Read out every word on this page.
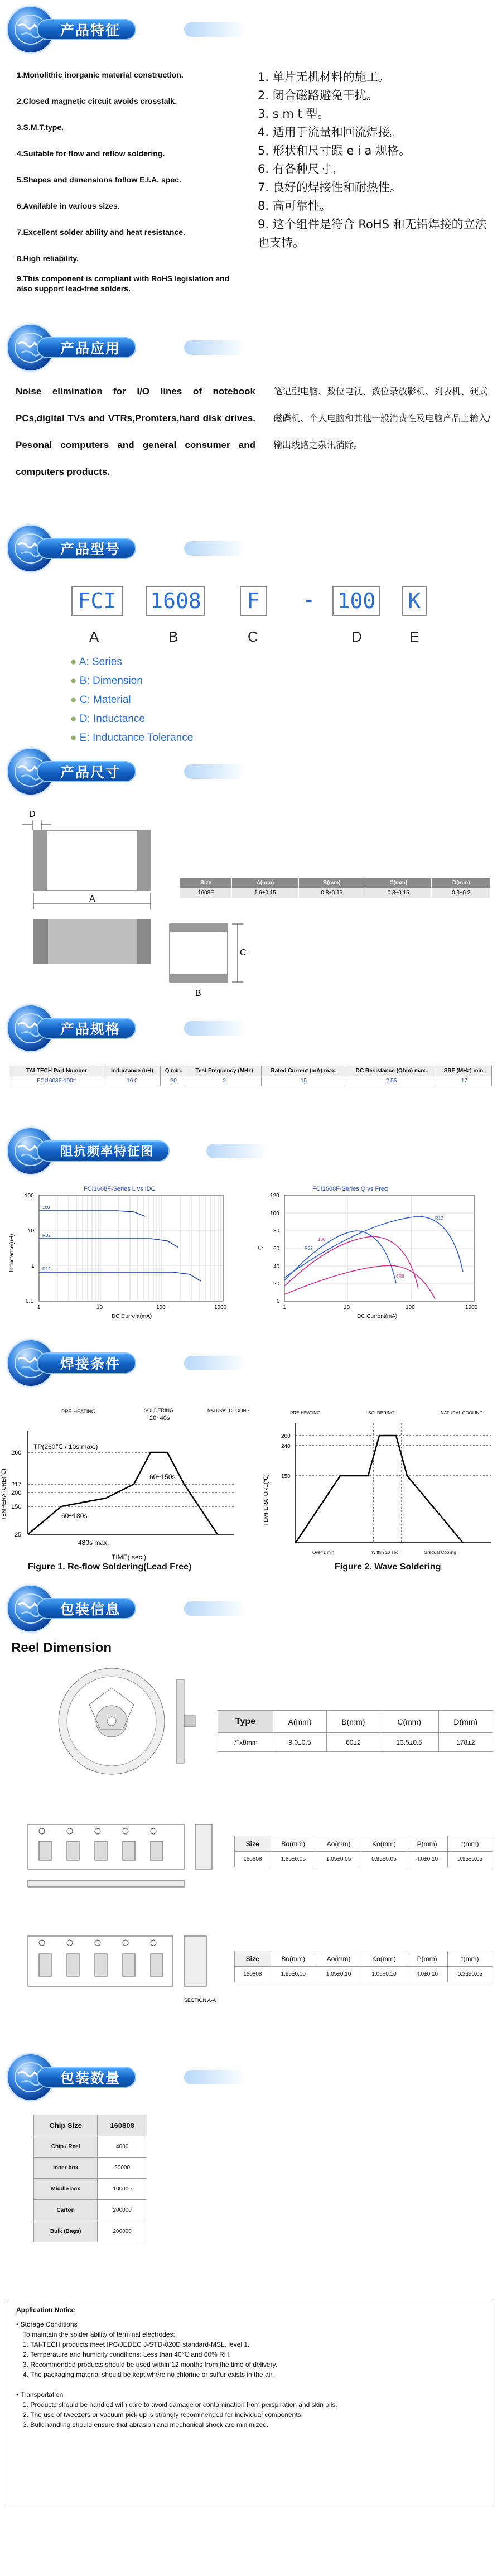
产品特征
1.Monolithic inorganic material construction.
2.Closed magnetic circuit avoids crosstalk.
3.S.M.T.type.
4.Suitable for flow and reflow soldering.
5.Shapes and dimensions follow E.I.A. spec.
6.Available in various sizes.
7.Excellent solder ability and heat resistance.
8.High reliability.
9.This component is compliant with RoHS legislation and also support lead-free solders.
1. 单片无机材料的施工。
2. 闭合磁路避免干扰。
3. s m t 型。
4. 适用于流量和回流焊接。
5. 形状和尺寸跟 e i a 规格。
6. 有各种尺寸。
7. 良好的焊接性和耐热性。
8. 高可靠性。
9. 这个组件是符合 RoHS 和无铅焊接的立法也支持。
产品应用
Noise elimination for I/O lines of notebook PCs,digital TVs and VTRs,Promters,hard disk drives. Pesonal computers and general consumer and computers products.
笔记型电脑、数位电视、数位录放影机、列表机、硬式磁碟机、个人电脑和其他一般消费性及电脑产品上输入/输出线路之杂讯消除。
产品型号
FCI	1608	F	- 100	K
A	B	C	D	E
● A: Series
● B: Dimension
● C: Material
● D: Inductance
● E: Inductance Tolerance
产品尺寸
D
A
C
B
Size	A(mm)	B(mm)	C(mm)	D(mm)
1608F	1.6±0.15	0.8±0.15	0.8±0.15	0.3±0.2
产品规格
TAI-TECH Part Number	Inductance (uH)	Q min.	Test Frequency (MHz)	Rated Current (mA) max.	DC Resistance (Ohm) max.	SRF (MHz) min.
FCI1608F-100□	10.0	30	2	15	2.55	17
阻抗频率特征图
FCI1608F-Series L vs IDC
100
R82
R12
100
10
1
0.1
1	10	100	1000
DC Current(mA)
Inductance(uH)
FCI1608F-Series Q vs Freq
100
R82
R12
6R8
120
100
80
60
40
20
0
1	10	100	1000
DC Current(mA)
Q
焊接条件
PRE-HEATING	SOLDERING
20~40s
NATURAL COOLING
TP(260℃ / 10s max.)
260
217
200
150
25
60~150s
60~180s
480s max.
TIME( sec.)
TEMPERATURE(℃)
Figure 1. Re-flow Soldering(Lead Free)
PRE-HEATING	SOLDERING	NATURAL COOLING
260
240
150
Over 1 min	Within 10 sec	Gradual Cooling
TEMPERATURE(℃)
Figure 2. Wave Soldering
包装信息
Reel Dimension
Type	A(mm)	B(mm)	C(mm)	D(mm)
7"x8mm	9.0±0.5	60±2	13.5±0.5	178±2
Size	Bo(mm)	Ao(mm)	Ko(mm)	P(mm)	t(mm)
160808	1.85±0.05	1.05±0.05	0.95±0.05	4.0±0.10	0.95±0.05
SECTION A-A
Size	Bo(mm)	Ao(mm)	Ko(mm)	P(mm)	t(mm)
160808	1.95±0.10	1.05±0.10	1.05±0.10	4.0±0.10	0.23±0.05
包装数量
Chip Size	160808
Chip / Reel	4000
Inner box	20000
Middle box	100000
Carton	200000
Bulk (Bags)	200000
Application Notice
• Storage Conditions
To maintain the solder ability of terminal electrodes:
1. TAI-TECH products meet IPC/JEDEC J-STD-020D standard-MSL, level 1.
2. Temperature and humidity conditions: Less than 40℃ and 60% RH.
3. Recommended products should be used within 12 months from the time of delivery.
4. The packaging material should be kept where no chlorine or sulfur exists in the air.
• Transportation
1. Products should be handled with care to avoid damage or contamination from perspiration and skin oils.
2. The use of tweezers or vacuum pick up is strongly recommended for individual components.
3. Bulk handling should ensure that abrasion and mechanical shock are minimized.
